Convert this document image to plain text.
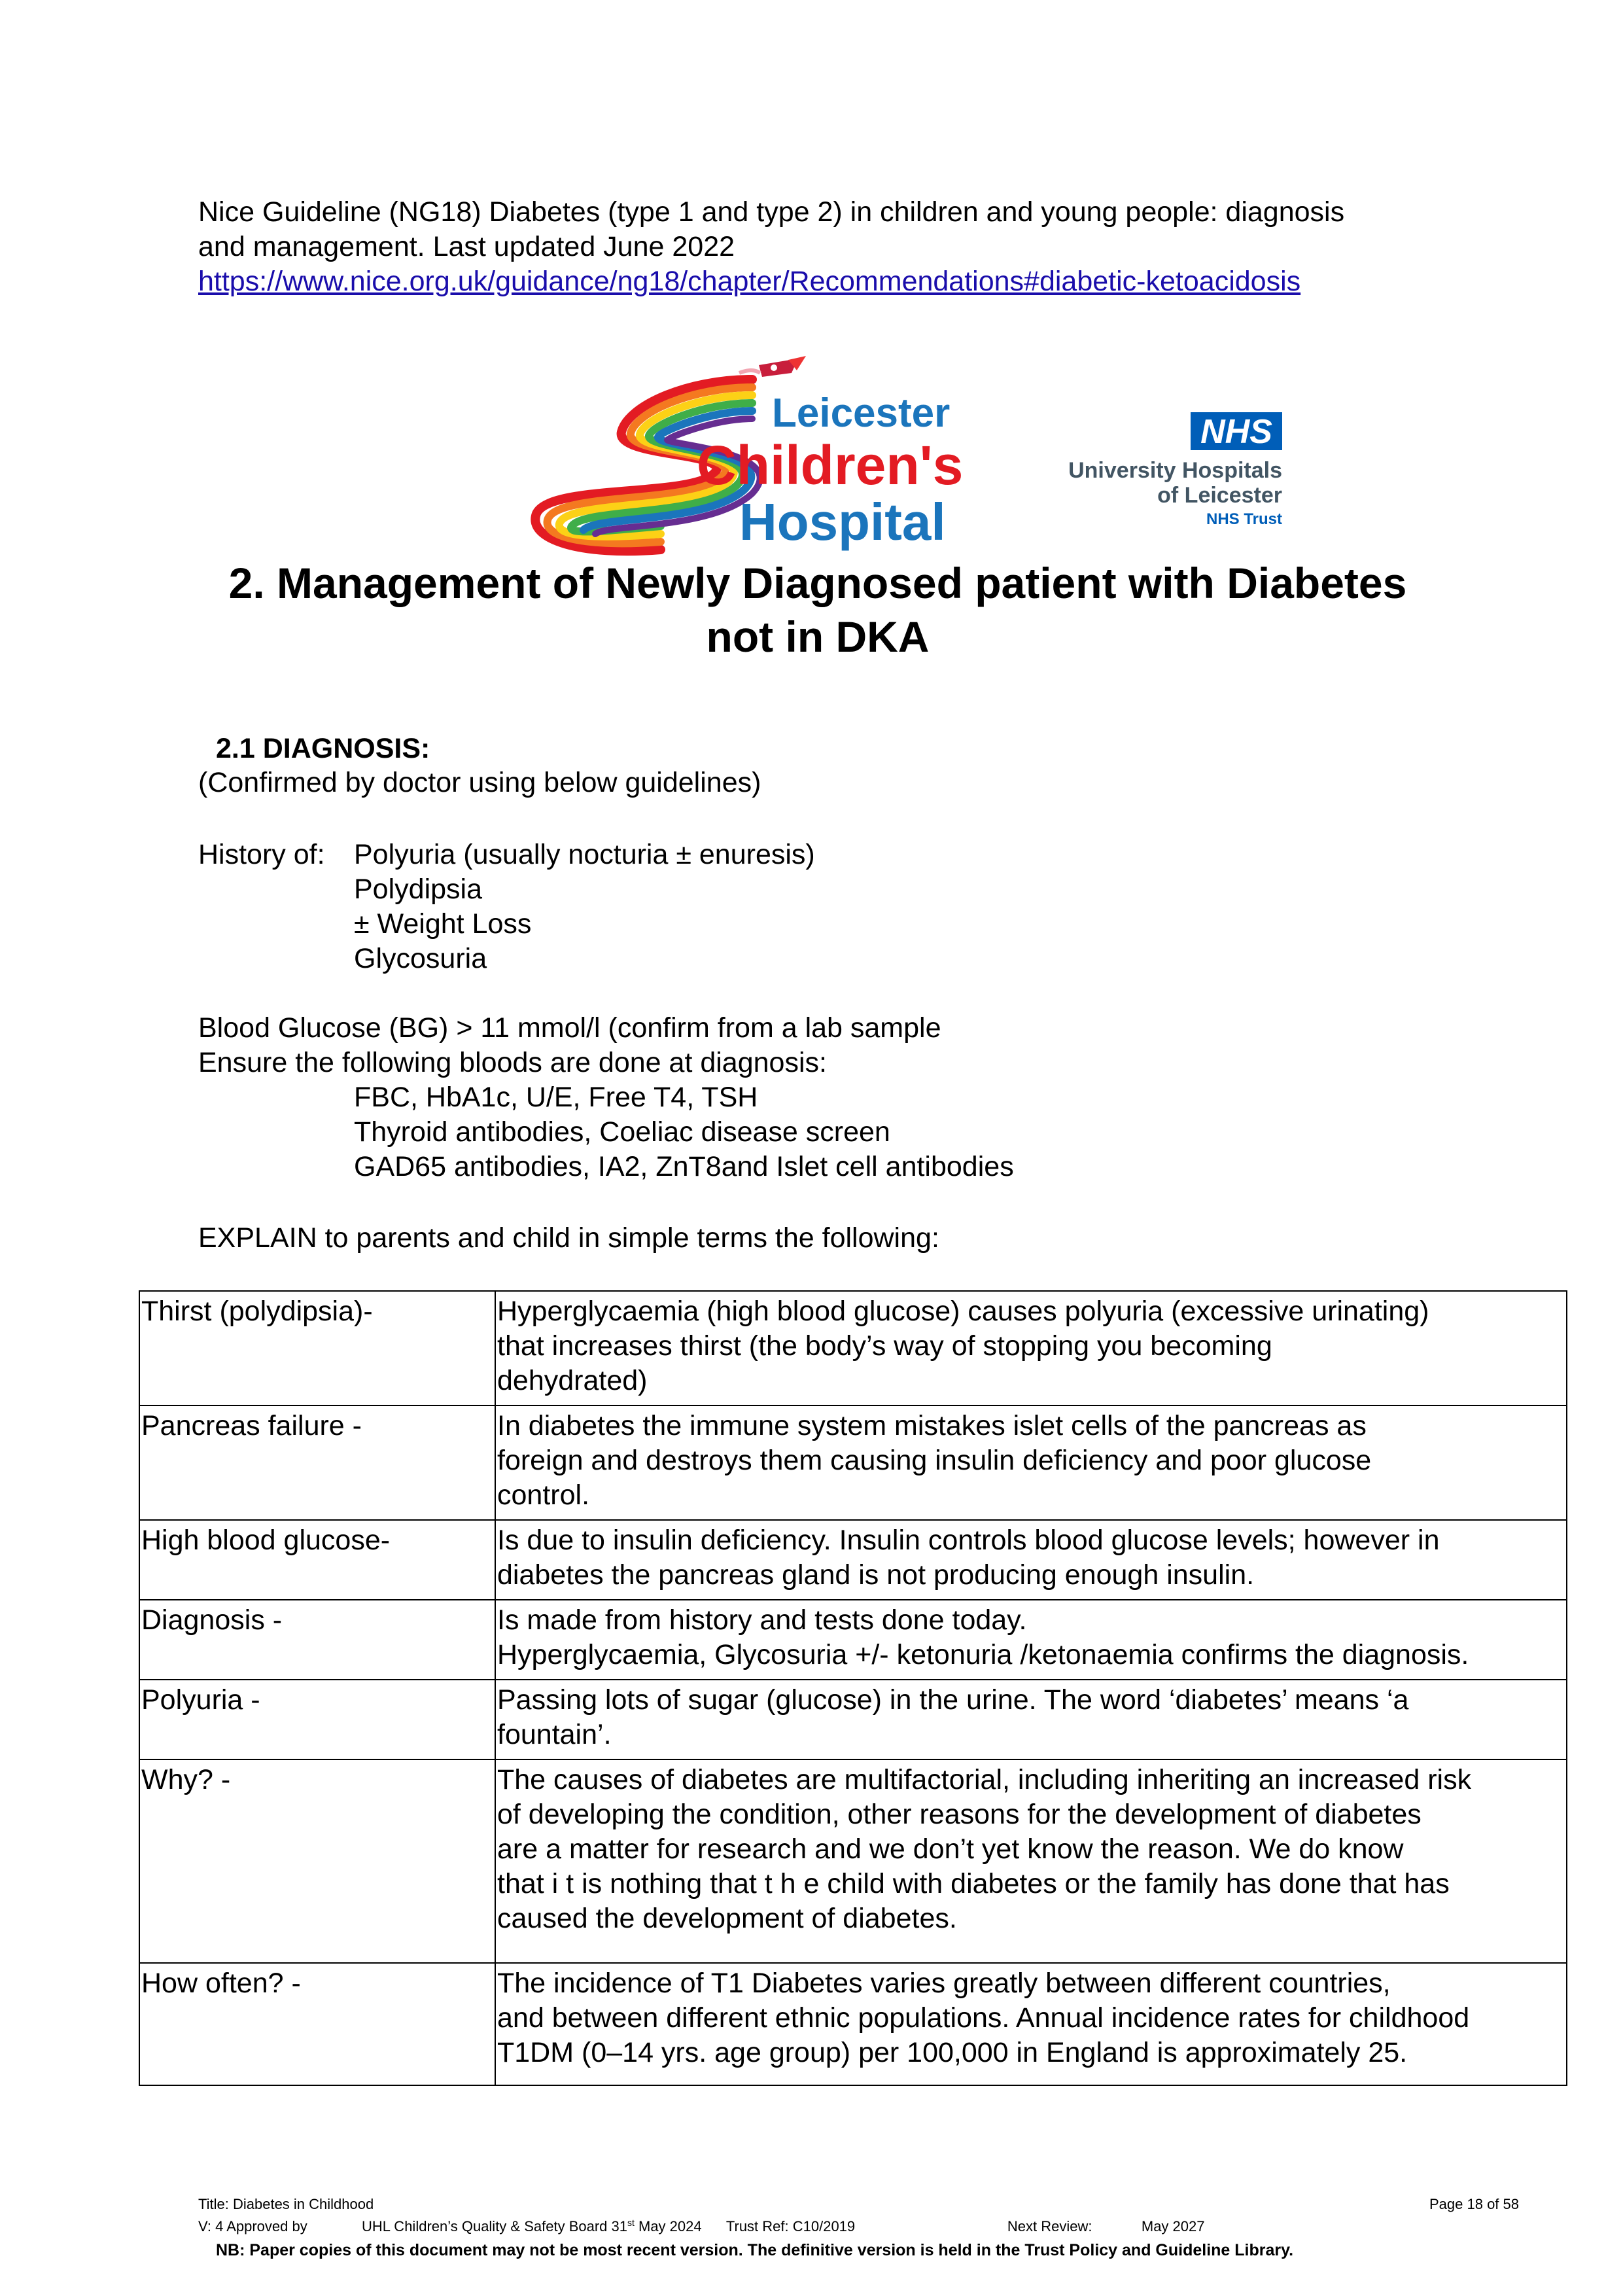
Nice Guideline (NG18) Diabetes (type 1 and type 2) in children and young people: diagnosis
and management. Last updated June 2022
https://www.nice.org.uk/guidance/ng18/chapter/Recommendations#diabetic-ketoacidosis
Leicester
Children's
Hospital
NHS
University Hospitals
of Leicester
NHS Trust
2. Management of Newly Diagnosed patient with Diabetes
not in DKA
2.1 DIAGNOSIS:
(Confirmed by doctor using below guidelines)
History of: Polyuria (usually nocturia ± enuresis)
Polydipsia
± Weight Loss
Glycosuria
Blood Glucose (BG) > 11 mmol/l (confirm from a lab sample
Ensure the following bloods are done at diagnosis:
FBC, HbA1c, U/E, Free T4, TSH
Thyroid antibodies, Coeliac disease screen
GAD65 antibodies, IA2, ZnT8and Islet cell antibodies
EXPLAIN to parents and child in simple terms the following:
Thirst (polydipsia)-	Hyperglycaemia (high blood glucose) causes polyuria (excessive urinating)
that increases thirst (the body’s way of stopping you becoming
dehydrated)

Pancreas failure -	In diabetes the immune system mistakes islet cells of the pancreas as
foreign and destroys them causing insulin deficiency and poor glucose
control.

High blood glucose-	Is due to insulin deficiency. Insulin controls blood glucose levels; however in
diabetes the pancreas gland is not producing enough insulin.

Diagnosis -	Is made from history and tests done today.
Hyperglycaemia, Glycosuria +/- ketonuria /ketonaemia confirms the diagnosis.

Polyuria -	Passing lots of sugar (glucose) in the urine. The word ‘diabetes’ means ‘a
fountain’.

Why? -	The causes of diabetes are multifactorial, including inheriting an increased risk
of developing the condition, other reasons for the development of diabetes
are a matter for research and we don’t yet know the reason. We do know
that i t is nothing that t h e child with diabetes or the family has done that has
caused the development of diabetes.

How often? -	The incidence of T1 Diabetes varies greatly between different countries,
and between different ethnic populations. Annual incidence rates for childhood
T1DM (0–14 yrs. age group) per 100,000 in England is approximately 25.
Title: Diabetes in Childhood	Page 18 of 58
V: 4 Approved by	UHL Children’s Quality & Safety Board 31st May 2024 Trust Ref: C10/2019	Next Review:	May 2027
NB: Paper copies of this document may not be most recent version. The definitive version is held in the Trust Policy and Guideline Library.
